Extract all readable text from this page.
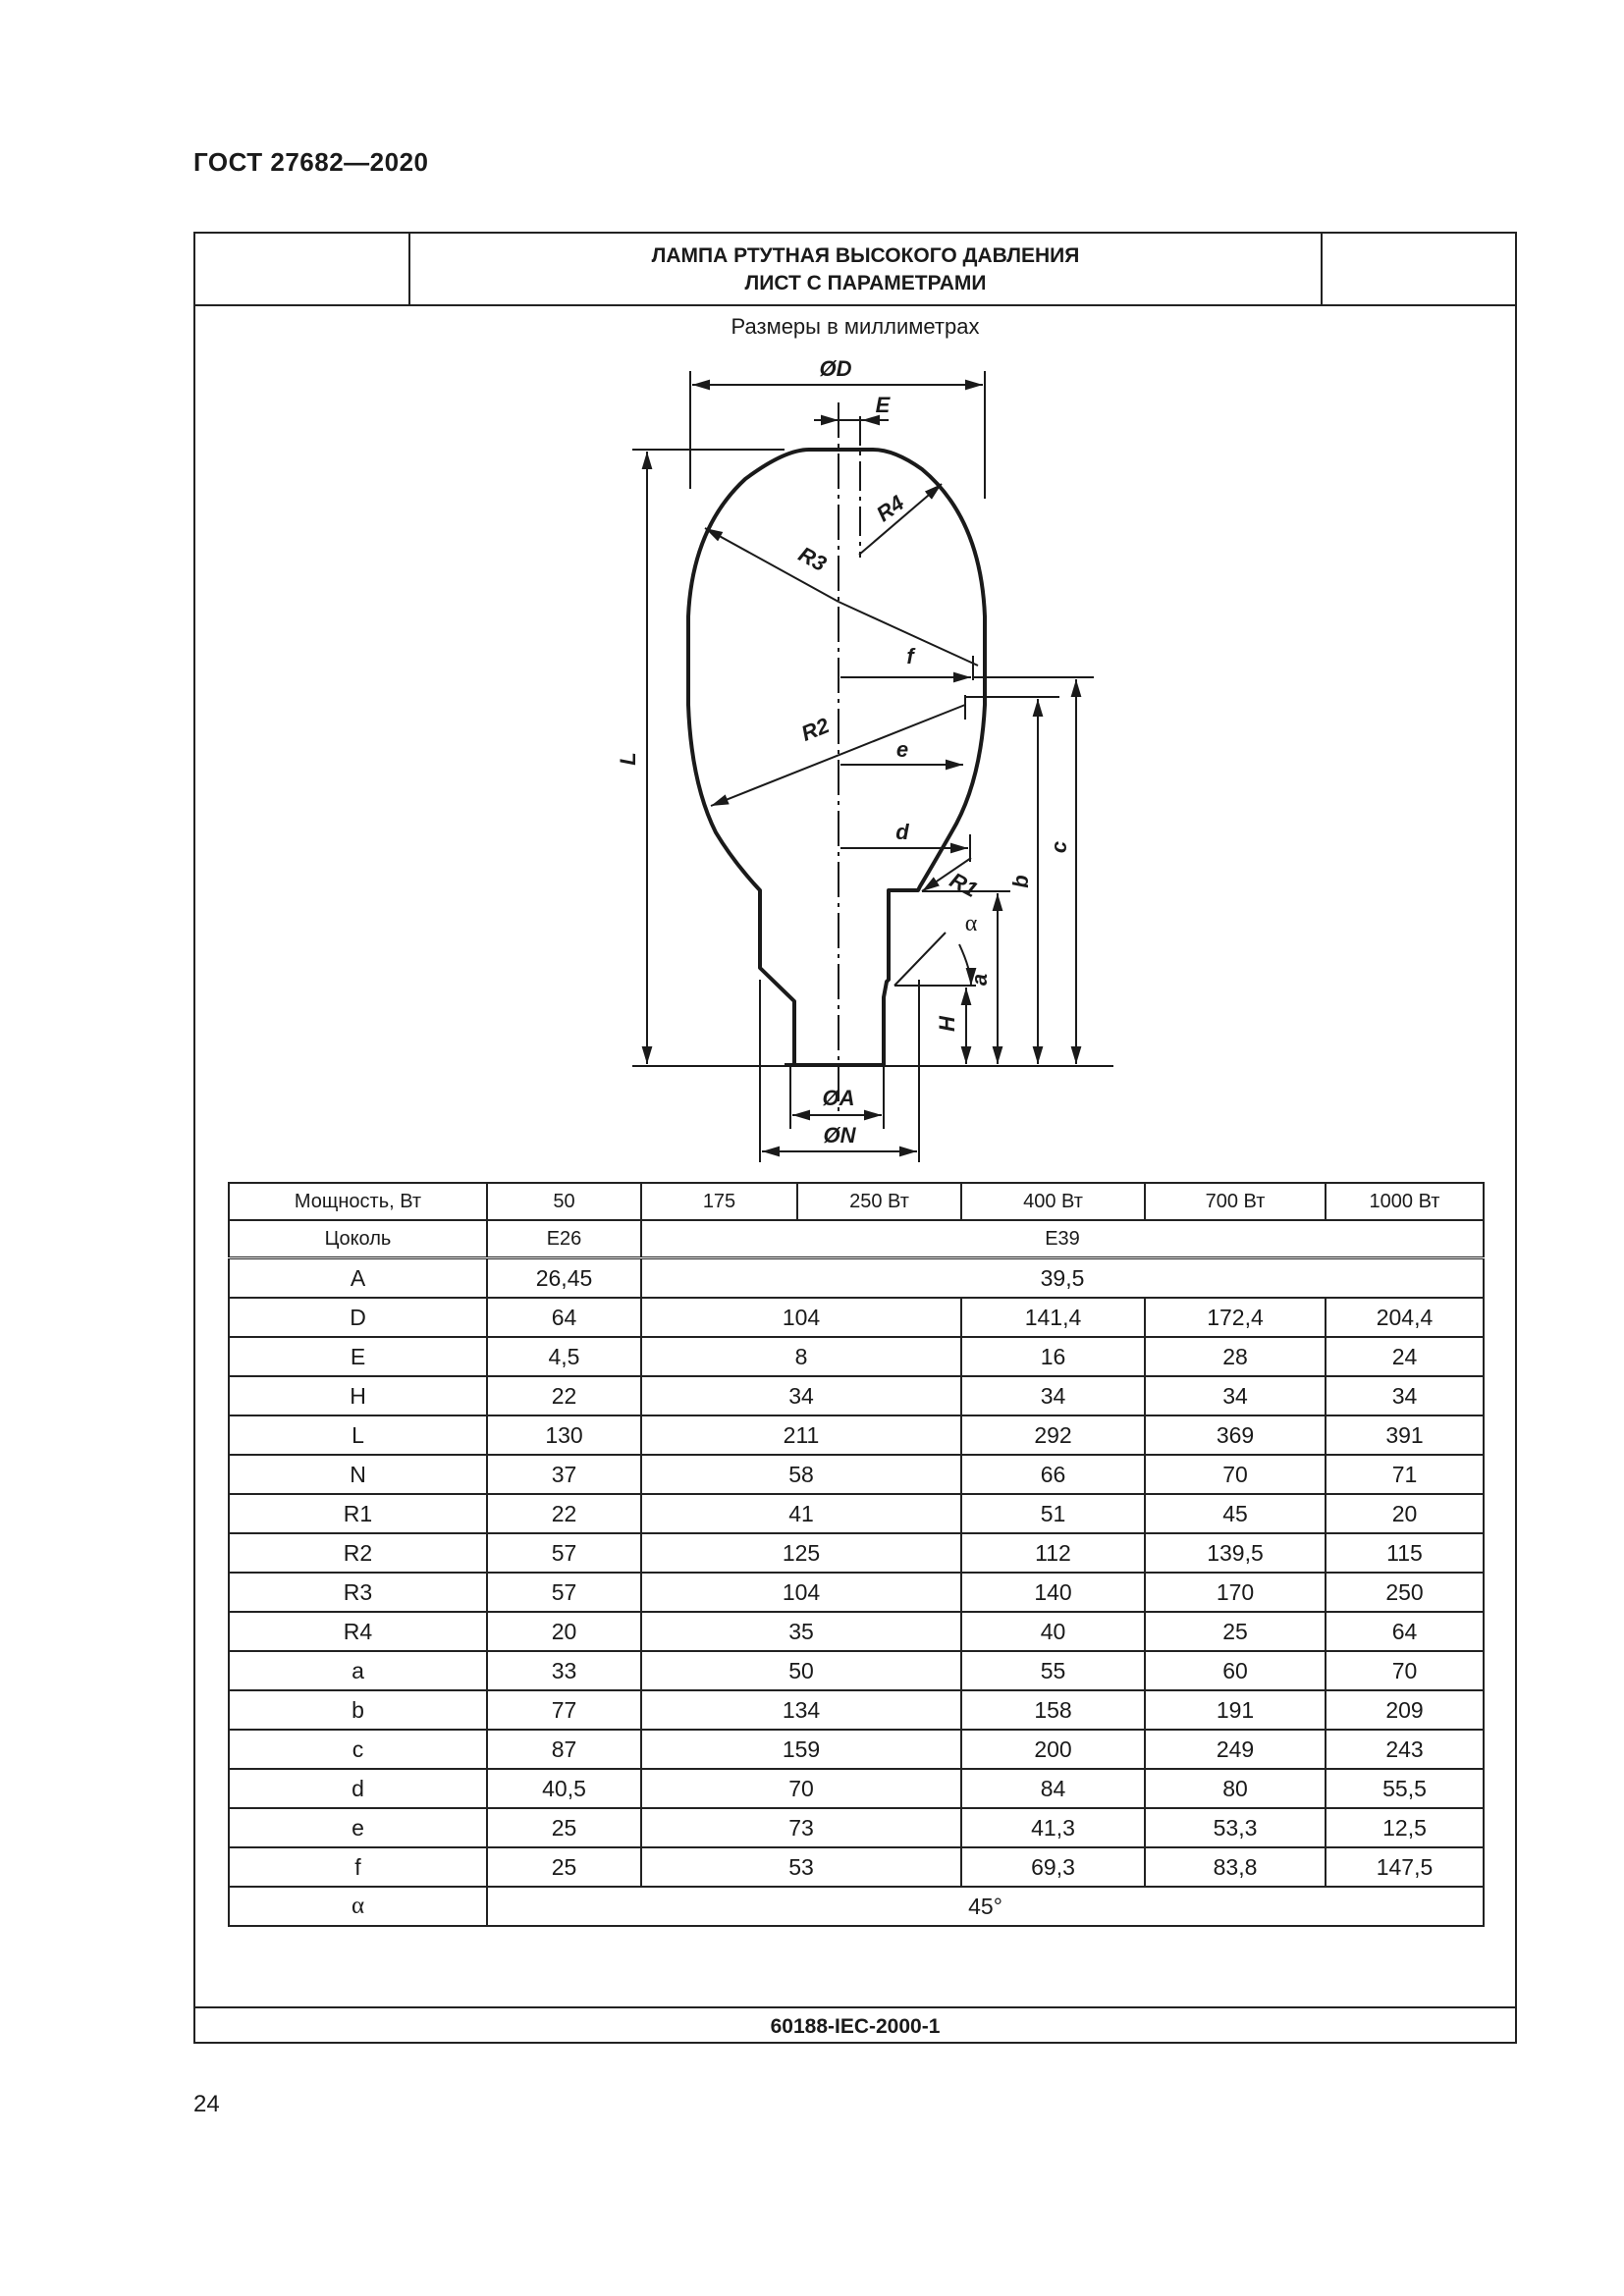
ГОСТ 27682—2020
ЛАМПА РТУТНАЯ ВЫСОКОГО ДАВЛЕНИЯ
ЛИСТ С ПАРАМЕТРАМИ
Размеры в миллиметрах
ØD
E
L
R4
R3
f
R2
e
d
R1
α
a
H
b
c
ØA
ØN
Мощность, Вт	50	175	250 Вт	400 Вт	700 Вт	1000 Вт
Цоколь	E26	E39				
A	26,45	39,5				
D	64	104		141,4	172,4	204,4
E	4,5	8		16	28	24
H	22	34		34	34	34
L	130	211		292	369	391
N	37	58		66	70	71
R1	22	41		51	45	20
R2	57	125		112	139,5	115
R3	57	104		140	170	250
R4	20	35		40	25	64
a	33	50		55	60	70
b	77	134		158	191	209
c	87	159		200	249	243
d	40,5	70		84	80	55,5
e	25	73		41,3	53,3	12,5
f	25	53		69,3	83,8	147,5
α	45°					
60188-IEC-2000-1
24
